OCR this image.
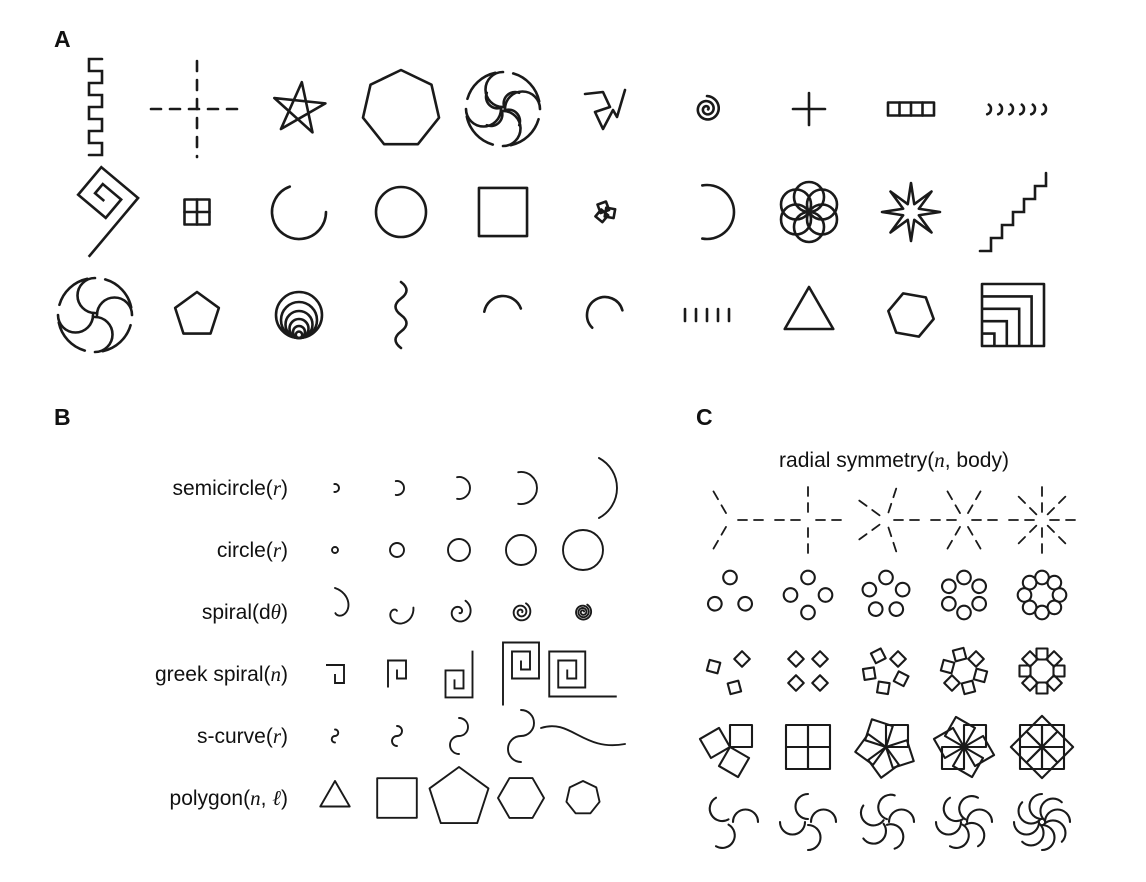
A
B
semicircle(r)
circle(r)
spiral(dθ)
greek spiral(n)
s-curve(r)
polygon(n, ℓ)
C
radial symmetry(n, body)
